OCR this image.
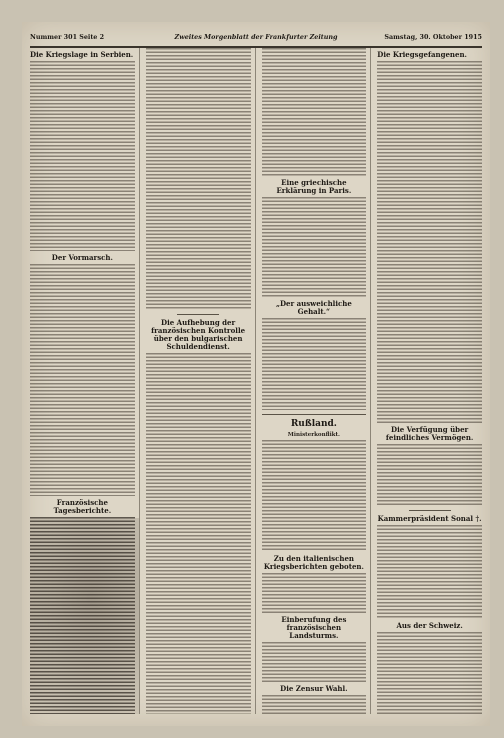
Nummer 301 Seite 2	Zweites Morgenblatt der Frankfurter Zeitung	Samstag, 30. Oktober 1915
Die Kriegslage in Serbien.
Der Vormarsch.
Französische Tagesberichte.
Die Aufhebung der französischen Kontrolle über den bulgarischen Schuldendienst.
Eine griechische Erklärung in Paris.
„Der ausweichliche Gehalt.“
Rußland.
Ministerkonflikt.
Zu den italienischen Kriegsberichten geboten.
Einberufung des französischen Landsturms.
Die Zensur Wahl.
Die Kriegsgefangenen.
Die Verfügung über feindliches Vermögen.
Kammerpräsident Sonal †.
Aus der Schweiz.
